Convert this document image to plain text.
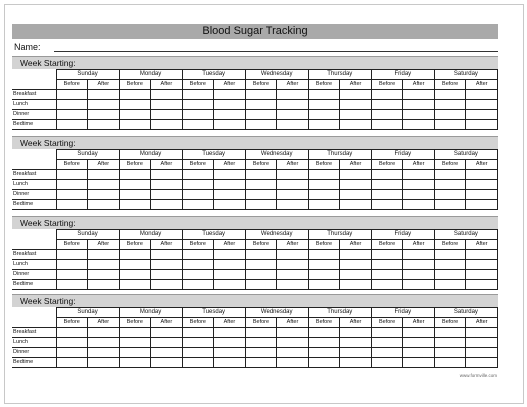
Blood Sugar Tracking
Name:
Week Starting:
	Sunday		Monday		Tuesday		Wednesday		Thursday		Friday		Saturday	
	Before	After	Before	After	Before	After	Before	After	Before	After	Before	After	Before	After
Breakfast														
Lunch														
Dinner														
Bedtime														
Week Starting:
	Sunday		Monday		Tuesday		Wednesday		Thursday		Friday		Saturday	
	Before	After	Before	After	Before	After	Before	After	Before	After	Before	After	Before	After
Breakfast														
Lunch														
Dinner														
Bedtime														
Week Starting:
	Sunday		Monday		Tuesday		Wednesday		Thursday		Friday		Saturday	
	Before	After	Before	After	Before	After	Before	After	Before	After	Before	After	Before	After
Breakfast														
Lunch														
Dinner														
Bedtime														
Week Starting:
	Sunday		Monday		Tuesday		Wednesday		Thursday		Friday		Saturday	
	Before	After	Before	After	Before	After	Before	After	Before	After	Before	After	Before	After
Breakfast														
Lunch														
Dinner														
Bedtime														
www.formville.com
